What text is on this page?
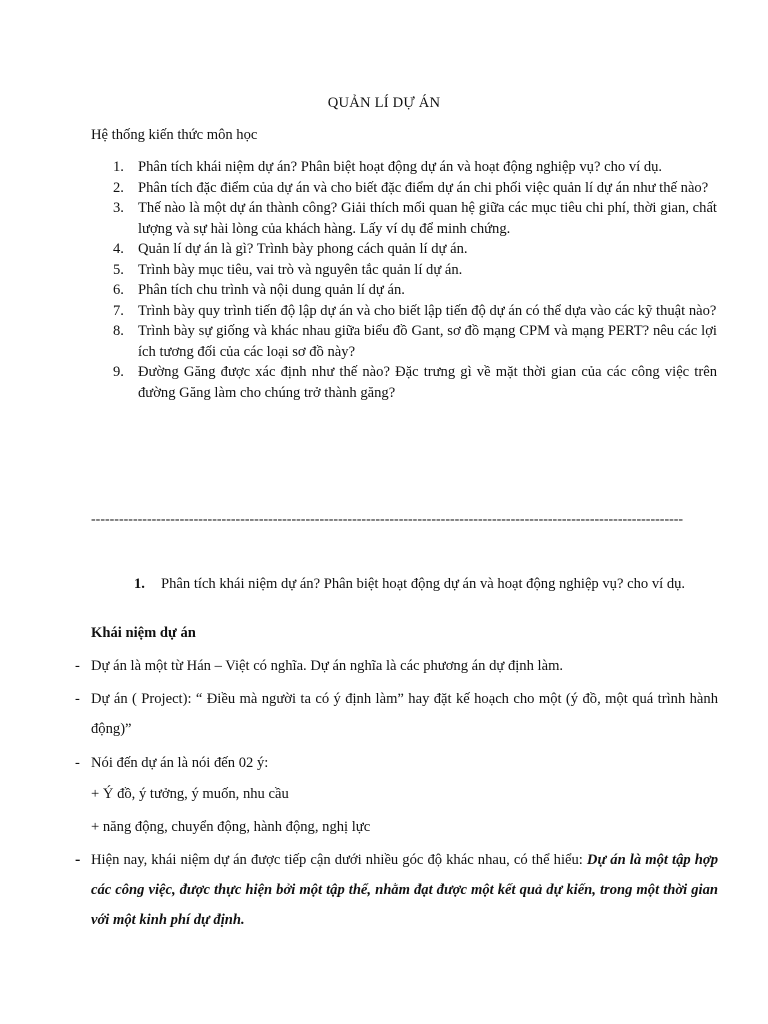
QUẢN LÍ DỰ ÁN
Hệ thống kiến thức môn học
1. Phân tích khái niệm dự án? Phân biệt hoạt động dự án và hoạt động nghiệp vụ? cho ví dụ.
2. Phân tích đặc điểm của dự án và cho biết đặc điểm dự án chi phối việc quản lí dự án như thế nào?
3. Thế nào là một dự án thành công? Giải thích mối quan hệ giữa các mục tiêu chi phí, thời gian, chất lượng và sự hài lòng của khách hàng. Lấy ví dụ để minh chứng.
4. Quản lí dự án là gì? Trình bày phong cách quản lí dự án.
5. Trình bày mục tiêu, vai trò và nguyên tắc quản lí dự án.
6. Phân tích chu trình và nội dung quản lí dự án.
7. Trình bày quy trình tiến độ lập dự án và cho biết lập tiến độ dự án có thể dựa vào các kỹ thuật nào?
8. Trình bày sự giống và khác nhau giữa biểu đồ Gant, sơ đồ mạng CPM và mạng PERT? nêu các lợi ích tương đối của các loại sơ đồ này?
9. Đường Găng được xác định như thế nào? Đặc trưng gì về mặt thời gian của các công việc trên đường Găng làm cho chúng trở thành găng?
-------------------------------------------------------------------------------------------------------------------------------
1. Phân tích khái niệm dự án? Phân biệt hoạt động dự án và hoạt động nghiệp vụ? cho ví dụ.
Khái niệm dự án
- Dự án là một từ Hán – Việt có nghĩa. Dự án nghĩa là các phương án dự định làm.
- Dự án ( Project): “ Điều mà người ta có ý định làm” hay đặt kế hoạch cho một (ý đồ, một quá trình hành động)”
- Nói đến dự án là nói đến 02 ý:
+ Ý đồ, ý tưởng, ý muốn, nhu cầu
+ năng động, chuyển động, hành động, nghị lực
- Hiện nay, khái niệm dự án được tiếp cận dưới nhiều góc độ khác nhau, có thể hiểu: Dự án là một tập hợp các công việc, được thực hiện bởi một tập thể, nhằm đạt được một kết quả dự kiến, trong một thời gian với một kinh phí dự định.
